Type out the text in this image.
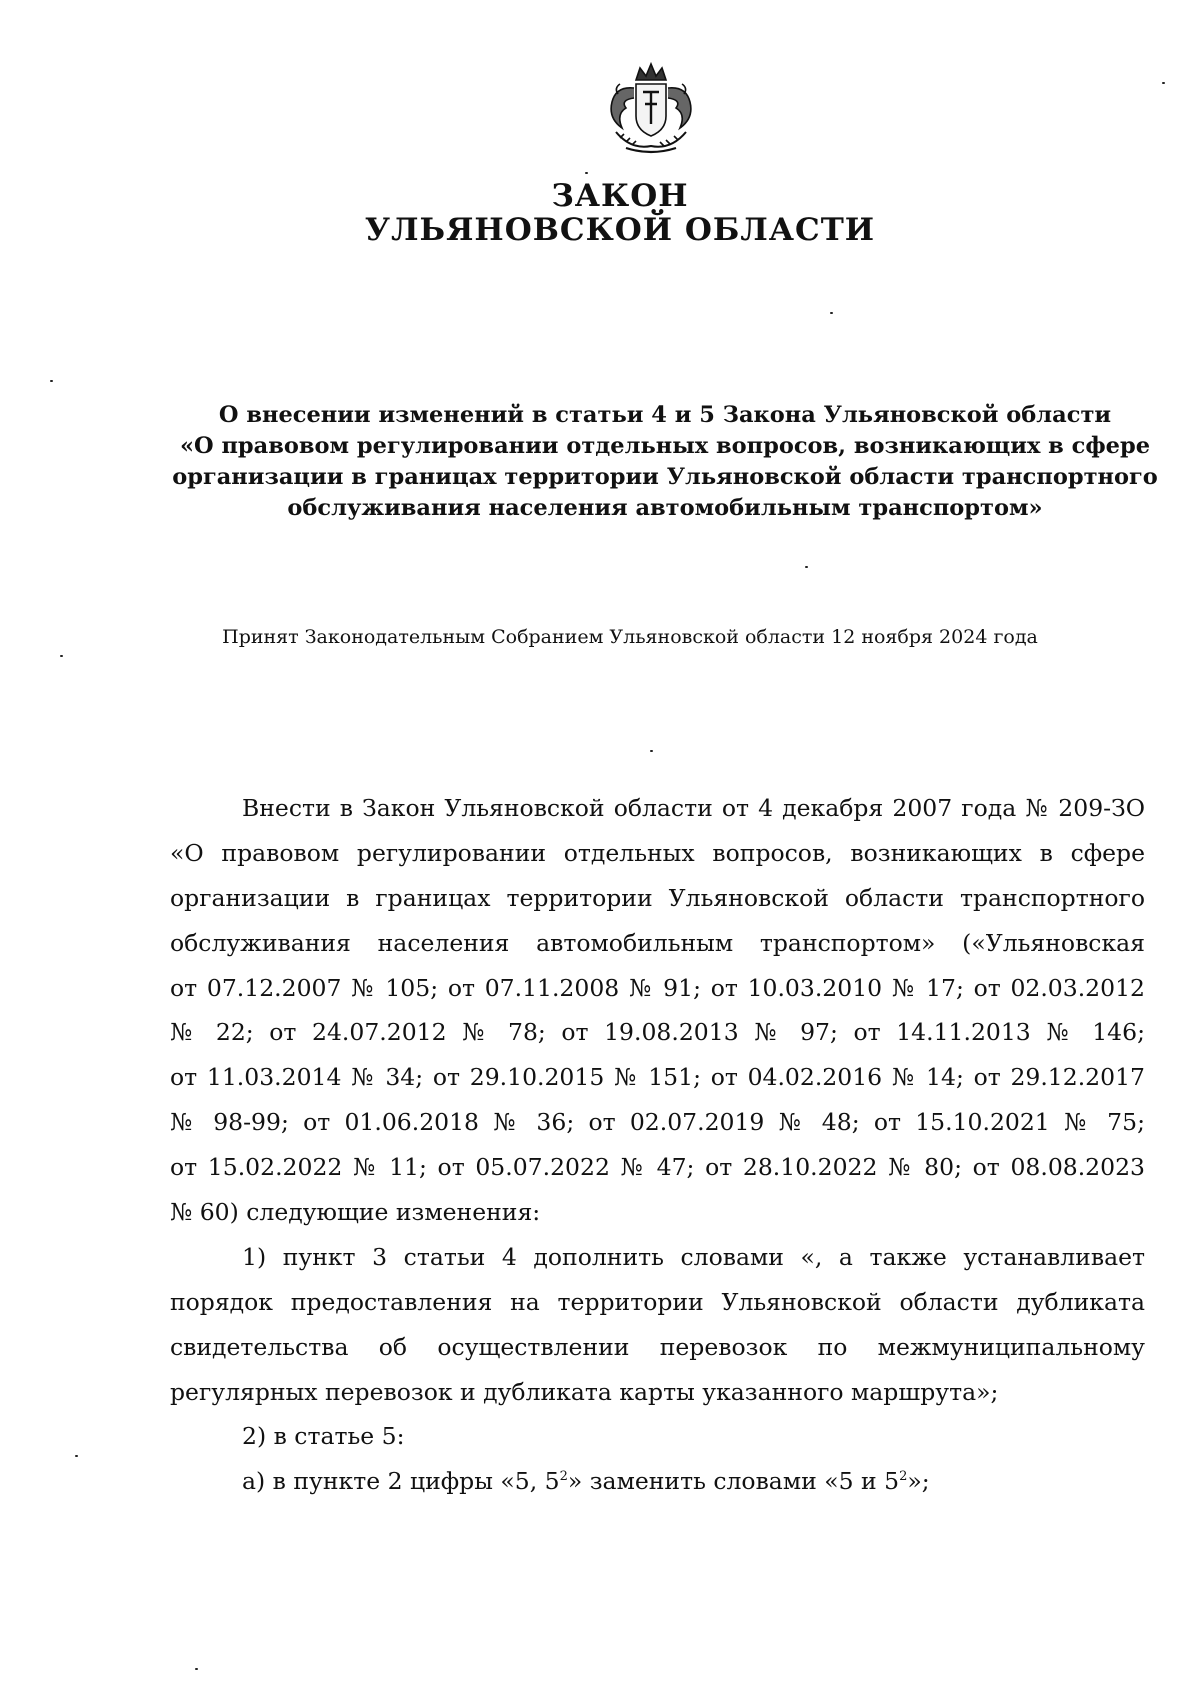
ЗАКОН
УЛЬЯНОВСКОЙ ОБЛАСТИ
О внесении изменений в статьи 4 и 5 Закона Ульяновской области
«О правовом регулировании отдельных вопросов, возникающих в сфере
организации в границах территории Ульяновской области транспортного
обслуживания населения автомобильным транспортом»
Принят Законодательным Собранием Ульяновской области 12 ноября 2024 года
Внести в Закон Ульяновской области от 4 декабря 2007 года № 209-ЗО
«О правовом регулировании отдельных вопросов, возникающих в сфере
организации в границах территории Ульяновской области транспортного
обслуживания населения автомобильным транспортом» («Ульяновская
от 07.12.2007 № 105; от 07.11.2008 № 91; от 10.03.2010 № 17; от 02.03.2012
№ 22; от 24.07.2012 № 78; от 19.08.2013 № 97; от 14.11.2013 № 146;
от 11.03.2014 № 34; от 29.10.2015 № 151; от 04.02.2016 № 14; от 29.12.2017
№ 98-99; от 01.06.2018 № 36; от 02.07.2019 № 48; от 15.10.2021 № 75;
от 15.02.2022 № 11; от 05.07.2022 № 47; от 28.10.2022 № 80; от 08.08.2023
№ 60) следующие изменения:
1) пункт 3 статьи 4 дополнить словами «, а также устанавливает
порядок предоставления на территории Ульяновской области дубликата
свидетельства об осуществлении перевозок по межмуниципальному
регулярных перевозок и дубликата карты указанного маршрута»;
2) в статье 5:
а) в пункте 2 цифры «5, $5^2$» заменить словами «5 и $5^2$»;
